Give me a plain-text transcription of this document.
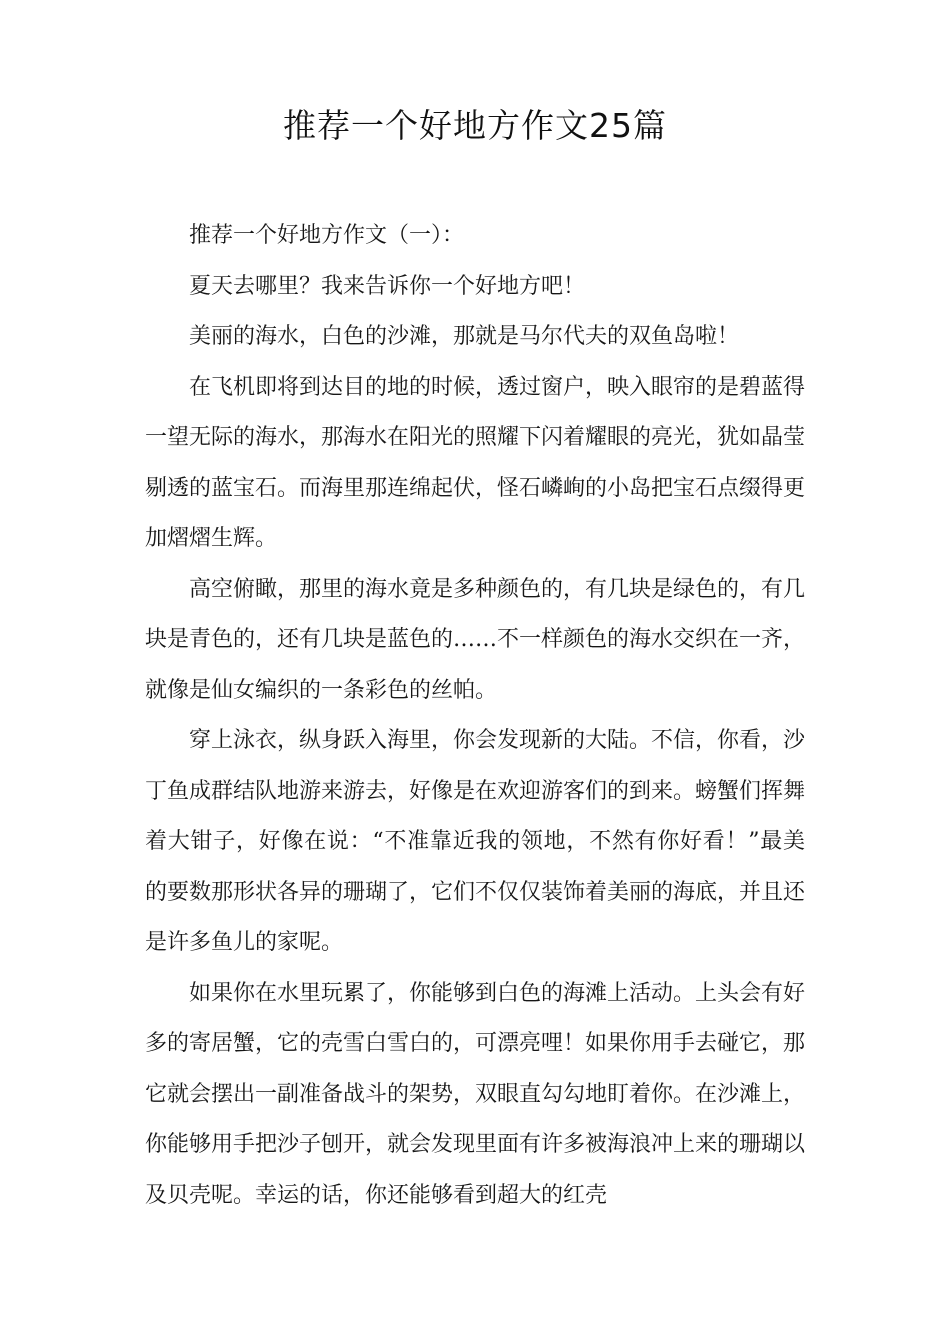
推荐一个好地方作文25篇

推荐一个好地方作文（一）：

夏天去哪里？我来告诉你一个好地方吧！

美丽的海水，白色的沙滩，那就是马尔代夫的双鱼岛啦！

在飞机即将到达目的地的时候，透过窗户，映入眼帘的是碧蓝得一望无际的海水，那海水在阳光的照耀下闪着耀眼的亮光，犹如晶莹剔透的蓝宝石。而海里那连绵起伏，怪石嶙峋的小岛把宝石点缀得更加熠熠生辉。

高空俯瞰，那里的海水竟是多种颜色的，有几块是绿色的，有几块是青色的，还有几块是蓝色的……不一样颜色的海水交织在一齐，就像是仙女编织的一条彩色的丝帕。

穿上泳衣，纵身跃入海里，你会发现新的大陆。不信，你看，沙丁鱼成群结队地游来游去，好像是在欢迎游客们的到来。螃蟹们挥舞着大钳子，好像在说：“不准靠近我的领地，不然有你好看！”最美的要数那形状各异的珊瑚了，它们不仅仅装饰着美丽的海底，并且还是许多鱼儿的家呢。

如果你在水里玩累了，你能够到白色的海滩上活动。上头会有好多的寄居蟹，它的壳雪白雪白的，可漂亮哩！如果你用手去碰它，那它就会摆出一副准备战斗的架势，双眼直勾勾地盯着你。在沙滩上，你能够用手把沙子刨开，就会发现里面有许多被海浪冲上来的珊瑚以及贝壳呢。幸运的话，你还能够看到超大的红壳
